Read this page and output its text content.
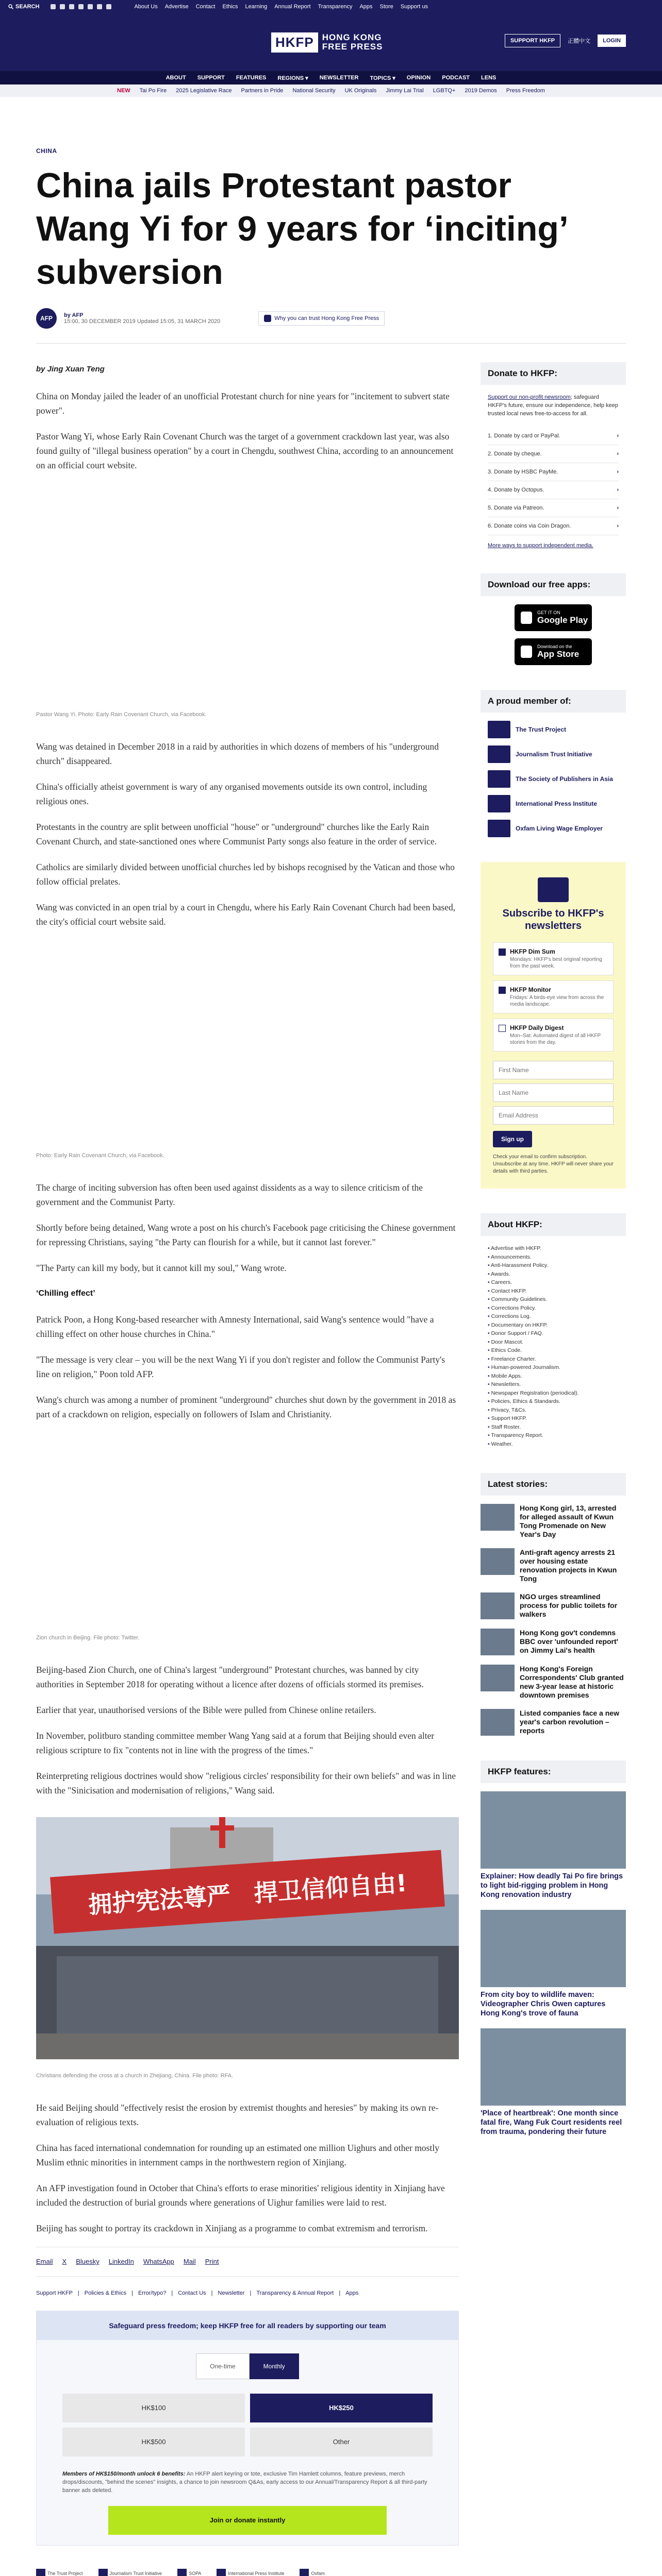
SEARCH	About Us Advertise Contact Ethics Learning Annual Report Transparency Apps Store Support us
HKFP HONG KONG
FREE PRESS
SUPPORT HKFP	正體中文	LOGIN
ABOUT SUPPORT FEATURES REGIONS ▾ NEWSLETTER TOPICS ▾ OPINION PODCAST LENS
NEW Tai Po Fire 2025 Legislative Race Partners in Pride National Security UK Originals Jimmy Lai Trial LGBTQ+ 2019 Demos Press Freedom
CHINA
China jails Protestant pastor Wang Yi for 9 years for ‘inciting’ subversion
AFP	by AFP
15:00, 30 DECEMBER 2019 Updated 15:05, 31 MARCH 2020	Why you can trust Hong Kong Free Press
by Jing Xuan Teng

China on Monday jailed the leader of an unofficial Protestant church for nine years for "incitement to subvert state power".

Pastor Wang Yi, whose Early Rain Covenant Church was the target of a government crackdown last year, was also found guilty of "illegal business operation" by a court in Chengdu, southwest China, according to an announcement on an official court website.

Pastor Wang Yi. Photo: Early Rain Covenant Church, via Facebook.

Wang was detained in December 2018 in a raid by authorities in which dozens of members of his "underground church" disappeared.

China's officially atheist government is wary of any organised movements outside its own control, including religious ones.

Protestants in the country are split between unofficial "house" or "underground" churches like the Early Rain Covenant Church, and state-sanctioned ones where Communist Party songs also feature in the order of service.

Catholics are similarly divided between unofficial churches led by bishops recognised by the Vatican and those who follow official prelates.

Wang was convicted in an open trial by a court in Chengdu, where his Early Rain Covenant Church had been based, the city's official court website said.

Photo: Early Rain Covenant Church, via Facebook.

The charge of inciting subversion has often been used against dissidents as a way to silence criticism of the government and the Communist Party.

Shortly before being detained, Wang wrote a post on his church's Facebook page criticising the Chinese government for repressing Christians, saying "the Party can flourish for a while, but it cannot last forever."

"The Party can kill my body, but it cannot kill my soul," Wang wrote.

‘Chilling effect’

Patrick Poon, a Hong Kong-based researcher with Amnesty International, said Wang's sentence would "have a chilling effect on other house churches in China."

"The message is very clear – you will be the next Wang Yi if you don't register and follow the Communist Party's line on religion," Poon told AFP.

Wang's church was among a number of prominent "underground" churches shut down by the government in 2018 as part of a crackdown on religion, especially on followers of Islam and Christianity.

Zion church in Beijing. File photo: Twitter.

Beijing-based Zion Church, one of China's largest "underground" Protestant churches, was banned by city authorities in September 2018 for operating without a licence after dozens of officials stormed its premises.

Earlier that year, unauthorised versions of the Bible were pulled from Chinese online retailers.

In November, politburo standing committee member Wang Yang said at a forum that Beijing should even alter religious scripture to fix "contents not in line with the progress of the times."

Reinterpreting religious doctrines would show "religious circles' responsibility for their own beliefs" and was in line with the "Sinicisation and modernisation of religions," Wang said.

拥护宪法尊严　捍卫信仰自由!
Christians defending the cross at a church in Zhejiang, China. File photo: RFA.

He said Beijing should "effectively resist the erosion by extremist thoughts and heresies" by making its own re-evaluation of religious texts.

China has faced international condemnation for rounding up an estimated one million Uighurs and other mostly Muslim ethnic minorities in internment camps in the northwestern region of Xinjiang.

An AFP investigation found in October that China's efforts to erase minorities' religious identity in Xinjiang have included the destruction of burial grounds where generations of Uighur families were laid to rest.

Beijing has sought to portray its crackdown in Xinjiang as a programme to combat extremism and terrorism.

Email X Bluesky LinkedIn WhatsApp Mail Print
Support HKFP | Policies & Ethics | Error/typo? | Contact Us | Newsletter | Transparency & Annual Report | Apps
Safeguard press freedom; keep HKFP free for all readers by supporting our team
One-time	Monthly
HK$100	HK$250
HK$500	Other
Members of HK$150/month unlock 6 benefits: An HKFP alert keyring or tote, exclusive Tim Hamlett columns, feature previews, merch drops/discounts, "behind the scenes" insights, a chance to join newsroom Q&As, early access to our Annual/Transparency Report & all third-party banner ads deleted.
Join or donate instantly
The Trust Project	Journalism Trust Initiative	SOPA	International Press Institute	Oxfam
Donate to HKFP:
Support our non-profit newsroom; safeguard HKFP's future, ensure our independence, help keep trusted local news free-to-access for all.
1. Donate by card or PayPal.	›
2. Donate by cheque.	›
3. Donate by HSBC PayMe.	›
4. Donate by Octopus.	›
5. Donate via Patreon.	›
6. Donate coins via Coin Dragon.	›
More ways to support independent media.
Download our free apps:
GET IT ON
Google Play
Download on the
App Store
A proud member of:
The Trust Project
Journalism Trust Initiative
The Society of Publishers in Asia
International Press Institute
Oxfam Living Wage Employer
Subscribe to HKFP's newsletters
HKFP Dim Sum
Mondays: HKFP's best original reporting from the past week.
HKFP Monitor
Fridays: A birds-eye view from across the media landscape.
HKFP Daily Digest
Mon–Sat: Automated digest of all HKFP stories from the day.
First Name Last Name Email Address Sign up
Check your email to confirm subscription. Unsubscribe at any time. HKFP will never share your details with third parties.
About HKFP:
• Advertise with HKFP.
• Announcements.
• Anti-Harassment Policy.
• Awards.
• Careers.
• Contact HKFP.
• Community Guidelines.
• Corrections Policy.
• Corrections Log.
• Documentary on HKFP.
• Donor Support / FAQ.
• Door Mascot.
• Ethics Code.
• Freelance Charter.
• Human-powered Journalism.
• Mobile Apps.
• Newsletters.
• Newspaper Registration (periodical).
• Policies, Ethics & Standards.
• Privacy, T&Cs.
• Support HKFP.
• Staff Roster.
• Transparency Report.
• Weather.
Latest stories:
Hong Kong girl, 13, arrested for alleged assault of Kwun Tong Promenade on New Year's Day
Anti-graft agency arrests 21 over housing estate renovation projects in Kwun Tong
NGO urges streamlined process for public toilets for walkers
Hong Kong gov't condemns BBC over 'unfounded report' on Jimmy Lai's health
Hong Kong's Foreign Correspondents' Club granted new 3-year lease at historic downtown premises
Listed companies face a new year's carbon revolution – reports
HKFP features:
Explainer: How deadly Tai Po fire brings to light bid-rigging problem in Hong Kong renovation industry
From city boy to wildlife maven: Videographer Chris Owen captures Hong Kong's trove of fauna
'Place of heartbreak': One month since fatal fire, Wang Fuk Court residents reel from trauma, pondering their future
